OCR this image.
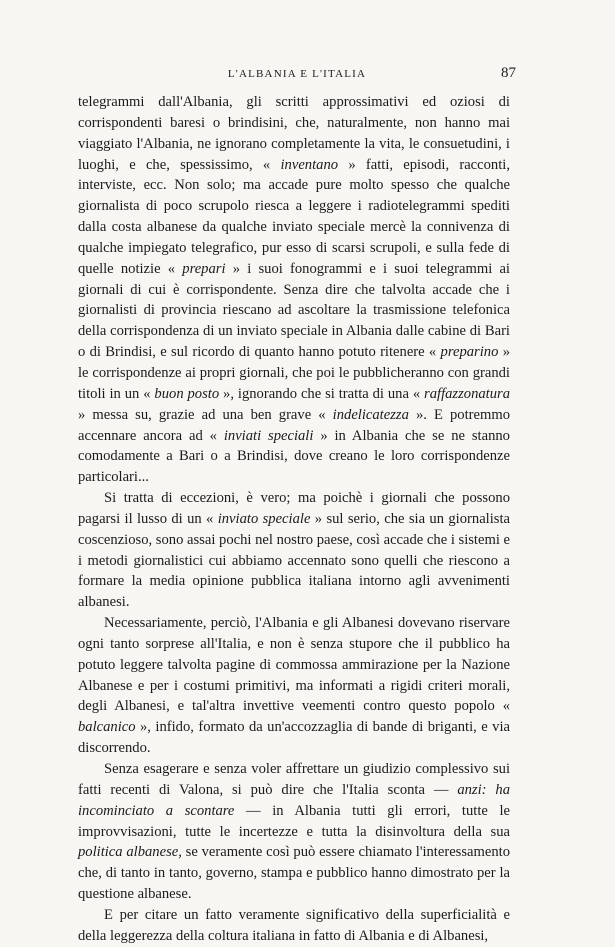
L'ALBANIA E L'ITALIA	87

telegrammi dall'Albania, gli scritti approssimativi ed oziosi di corrispondenti baresi o brindisini, che, naturalmente, non hanno mai viaggiato l'Albania, ne ignorano completamente la vita, le consuetudini, i luoghi, e che, spessissimo, « inventano » fatti, episodi, racconti, interviste, ecc. Non solo; ma accade pure molto spesso che qualche giornalista di poco scrupolo riesca a leggere i radiotelegrammi spediti dalla costa albanese da qualche inviato speciale mercè la connivenza di qualche impiegato telegrafico, pur esso di scarsi scrupoli, e sulla fede di quelle notizie « prepari » i suoi fonogrammi e i suoi telegrammi ai giornali di cui è corrispondente. Senza dire che talvolta accade che i giornalisti di provincia riescano ad ascoltare la trasmissione telefonica della corrispondenza di un inviato speciale in Albania dalle cabine di Bari o di Brindisi, e sul ricordo di quanto hanno potuto ritenere « preparino » le corrispondenze ai propri giornali, che poi le pubblicheranno con grandi titoli in un « buon posto », ignorando che si tratta di una « raffazzonatura » messa su, grazie ad una ben grave « indelicatezza ». E potremmo accennare ancora ad « inviati speciali » in Albania che se ne stanno comodamente a Bari o a Brindisi, dove creano le loro corrispondenze particolari...

Si tratta di eccezioni, è vero; ma poichè i giornali che possono pagarsi il lusso di un « inviato speciale » sul serio, che sia un giornalista coscenzioso, sono assai pochi nel nostro paese, così accade che i sistemi e i metodi giornalistici cui abbiamo accennato sono quelli che riescono a formare la media opinione pubblica italiana intorno agli avvenimenti albanesi.

Necessariamente, perciò, l'Albania e gli Albanesi dovevano riservare ogni tanto sorprese all'Italia, e non è senza stupore che il pubblico ha potuto leggere talvolta pagine di commossa ammirazione per la Nazione Albanese e per i costumi primitivi, ma informati a rigidi criteri morali, degli Albanesi, e tal'altra invettive veementi contro questo popolo « balcanico », infido, formato da un'accozzaglia di bande di briganti, e via discorrendo.

Senza esagerare e senza voler affrettare un giudizio complessivo sui fatti recenti di Valona, si può dire che l'Italia sconta — anzi: ha incominciato a scontare — in Albania tutti gli errori, tutte le improvvisazioni, tutte le incertezze e tutta la disinvoltura della sua politica albanese, se veramente così può essere chiamato l'interessamento che, di tanto in tanto, governo, stampa e pubblico hanno dimostrato per la questione albanese.

E per citare un fatto veramente significativo della superficialità e della leggerezza della coltura italiana in fatto di Albania e di Albanesi,
